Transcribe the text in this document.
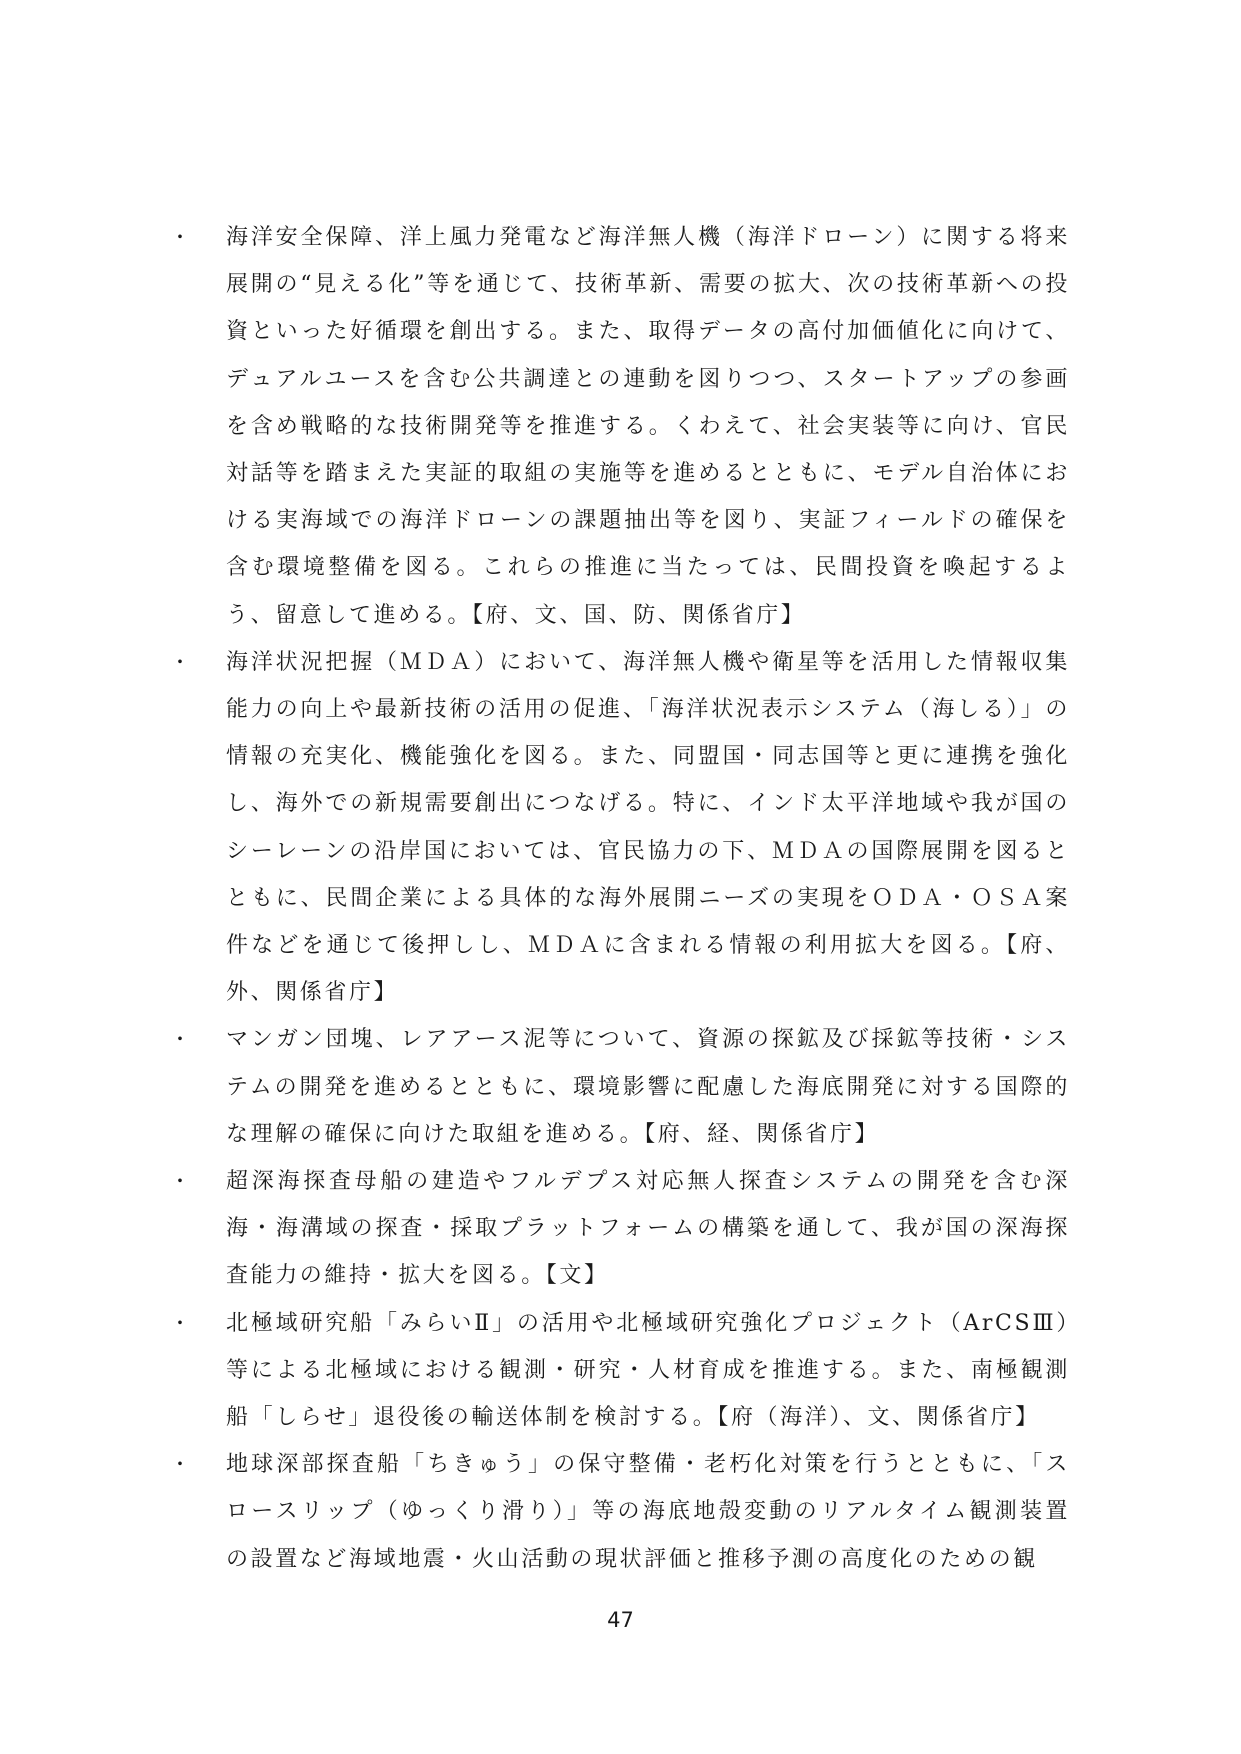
・ 海洋安全保障、洋上風力発電など海洋無人機（海洋ドローン）に関する将来展開の“見える化”等を通じて、技術革新、需要の拡大、次の技術革新への投資といった好循環を創出する。また、取得データの高付加価値化に向けて、デュアルユースを含む公共調達との連動を図りつつ、スタートアップの参画を含め戦略的な技術開発等を推進する。くわえて、社会実装等に向け、官民対話等を踏まえた実証的取組の実施等を進めるとともに、モデル自治体における実海域での海洋ドローンの課題抽出等を図り、実証フィールドの確保を含む環境整備を図る。これらの推進に当たっては、民間投資を喚起するよう、留意して進める。【府、文、国、防、関係省庁】
・ 海洋状況把握（ＭＤＡ）において、海洋無人機や衛星等を活用した情報収集能力の向上や最新技術の活用の促進、「海洋状況表示システム（海しる）」の情報の充実化、機能強化を図る。また、同盟国・同志国等と更に連携を強化し、海外での新規需要創出につなげる。特に、インド太平洋地域や我が国のシーレーンの沿岸国においては、官民協力の下、ＭＤＡの国際展開を図るとともに、民間企業による具体的な海外展開ニーズの実現をＯＤＡ・ＯＳＡ案件などを通じて後押しし、ＭＤＡに含まれる情報の利用拡大を図る。【府、外、関係省庁】
・ マンガン団塊、レアアース泥等について、資源の探鉱及び採鉱等技術・システムの開発を進めるとともに、環境影響に配慮した海底開発に対する国際的な理解の確保に向けた取組を進める。【府、経、関係省庁】
・ 超深海探査母船の建造やフルデプス対応無人探査システムの開発を含む深海・海溝域の探査・採取プラットフォームの構築を通して、我が国の深海探査能力の維持・拡大を図る。【文】
・ 北極域研究船「みらいⅡ」の活用や北極域研究強化プロジェクト（ArCSⅢ）等による北極域における観測・研究・人材育成を推進する。また、南極観測船「しらせ」退役後の輸送体制を検討する。【府（海洋）、文、関係省庁】
・ 地球深部探査船「ちきゅう」の保守整備・老朽化対策を行うとともに、「スロースリップ（ゆっくり滑り）」等の海底地殻変動のリアルタイム観測装置の設置など海域地震・火山活動の現状評価と推移予測の高度化のための観
47
